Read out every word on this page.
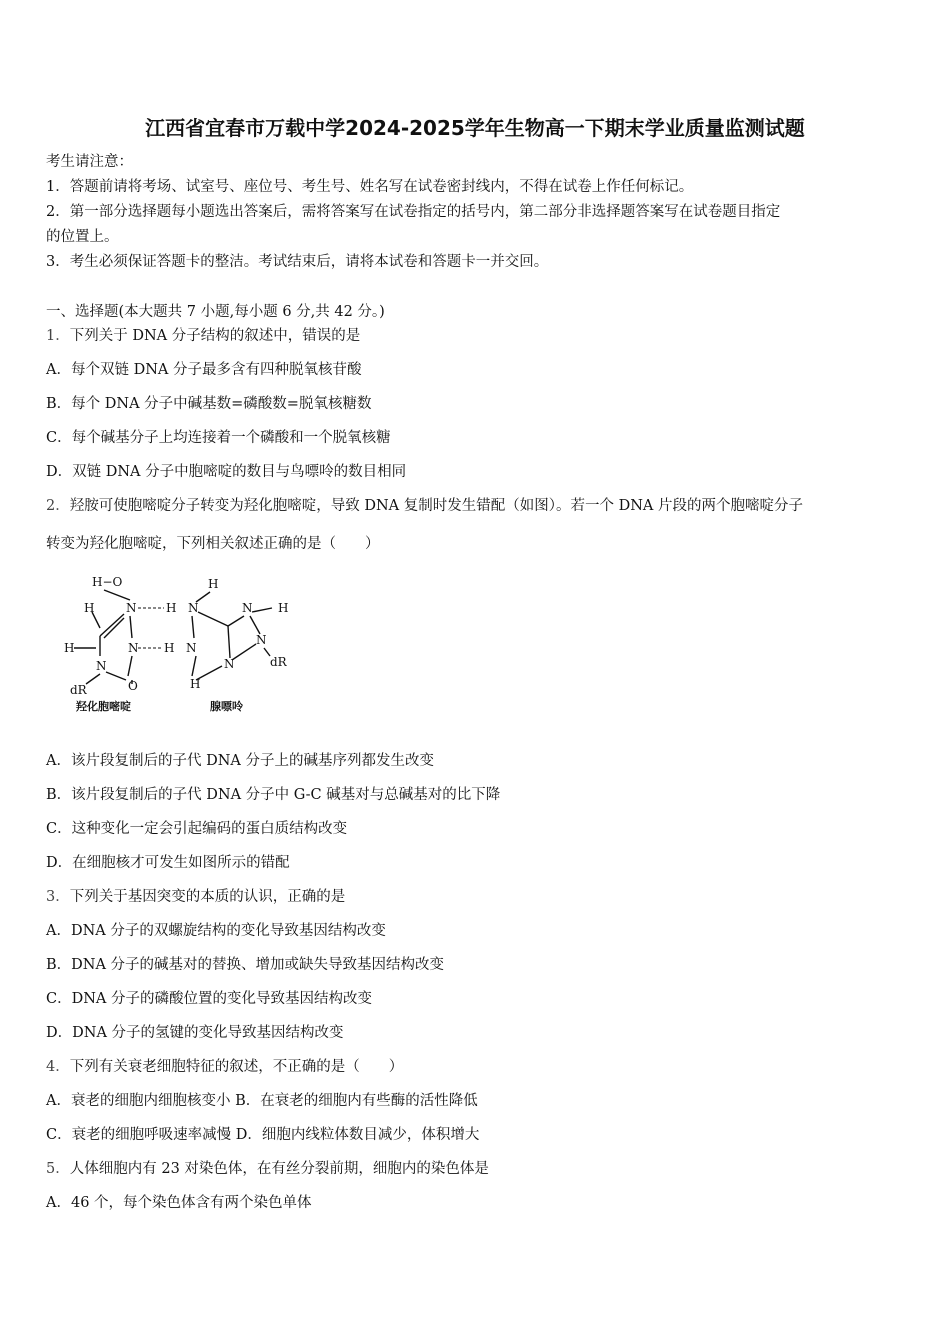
江西省宜春市万载中学2024-2025学年生物高一下期末学业质量监测试题
考生请注意：
1．答题前请将考场、试室号、座位号、考生号、姓名写在试卷密封线内，不得在试卷上作任何标记。
2．第一部分选择题每小题选出答案后，需将答案写在试卷指定的括号内，第二部分非选择题答案写在试卷题目指定
的位置上。
3．考生必须保证答题卡的整洁。考试结束后，请将本试卷和答题卡一并交回。
一、选择题(本大题共 7 小题,每小题 6 分,共 42 分。)
1．下列关于 DNA 分子结构的叙述中，错误的是
A．每个双链 DNA 分子最多含有四种脱氧核苷酸
B．每个 DNA 分子中碱基数=磷酸数=脱氧核糖数
C．每个碱基分子上均连接着一个磷酸和一个脱氧核糖
D．双链 DNA 分子中胞嘧啶的数目与鸟嘌呤的数目相同
2．羟胺可使胞嘧啶分子转变为羟化胞嘧啶，导致 DNA 复制时发生错配（如图）。若一个 DNA 片段的两个胞嘧啶分子
转变为羟化胞嘧啶，下列相关叙述正确的是（　　）
H−O
N
H
H	N
N
O
dR
H N
H
H N
N H
N
N
H
dR
羟化胞嘧啶	腺嘌呤
A．该片段复制后的子代 DNA 分子上的碱基序列都发生改变
B．该片段复制后的子代 DNA 分子中 G-C 碱基对与总碱基对的比下降
C．这种变化一定会引起编码的蛋白质结构改变
D．在细胞核才可发生如图所示的错配
3．下列关于基因突变的本质的认识，正确的是
A．DNA 分子的双螺旋结构的变化导致基因结构改变
B．DNA 分子的碱基对的替换、增加或缺失导致基因结构改变
C．DNA 分子的磷酸位置的变化导致基因结构改变
D．DNA 分子的氢键的变化导致基因结构改变
4．下列有关衰老细胞特征的叙述，不正确的是（　　）
A．衰老的细胞内细胞核变小 B．在衰老的细胞内有些酶的活性降低
C．衰老的细胞呼吸速率减慢 D．细胞内线粒体数目减少，体积增大
5．人体细胞内有 23 对染色体，在有丝分裂前期，细胞内的染色体是
A．46 个，每个染色体含有两个染色单体
